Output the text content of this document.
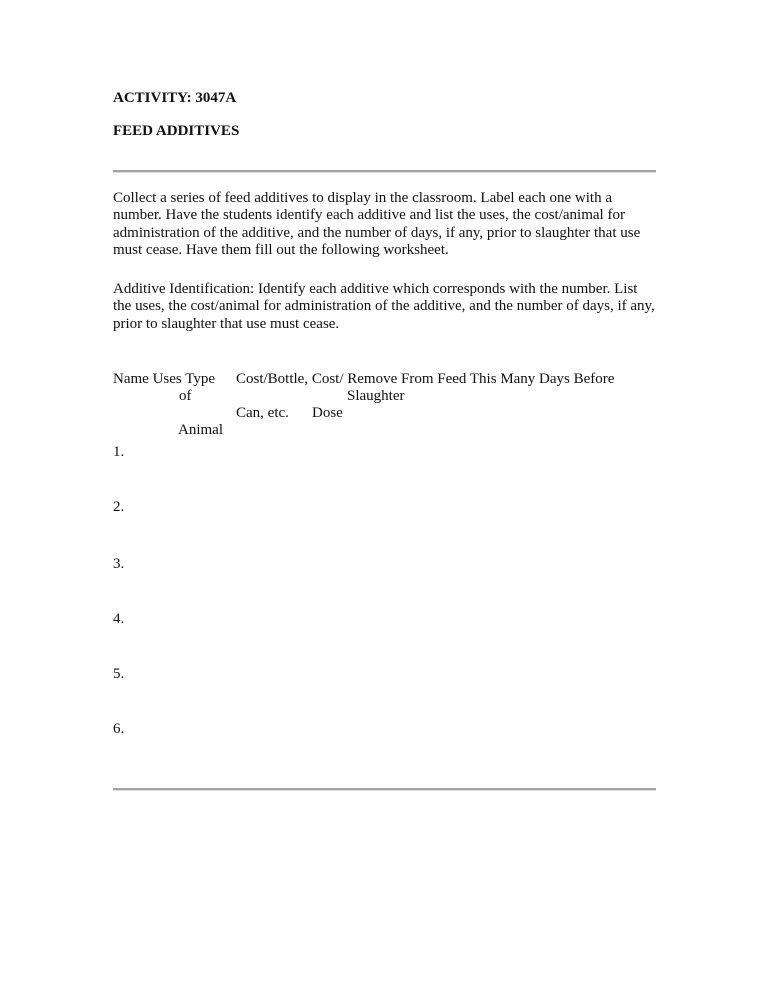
ACTIVITY: 3047A
FEED ADDITIVES
Collect a series of feed additives to display in the classroom. Label each one with a number. Have the students identify each additive and list the uses, the cost/animal for administration of the additive, and the number of days, if any, prior to slaughter that use must cease. Have them fill out the following worksheet.
Additive Identification: Identify each additive which corresponds with the number. List the uses, the cost/animal for administration of the additive, and the number of days, if any, prior to slaughter that use must cease.
Name Uses Type Cost/Bottle, Cost/ Remove From Feed This Many Days Before
of	Slaughter
Can, etc. Dose
Animal
1.
2.
3.
4.
5.
6.
